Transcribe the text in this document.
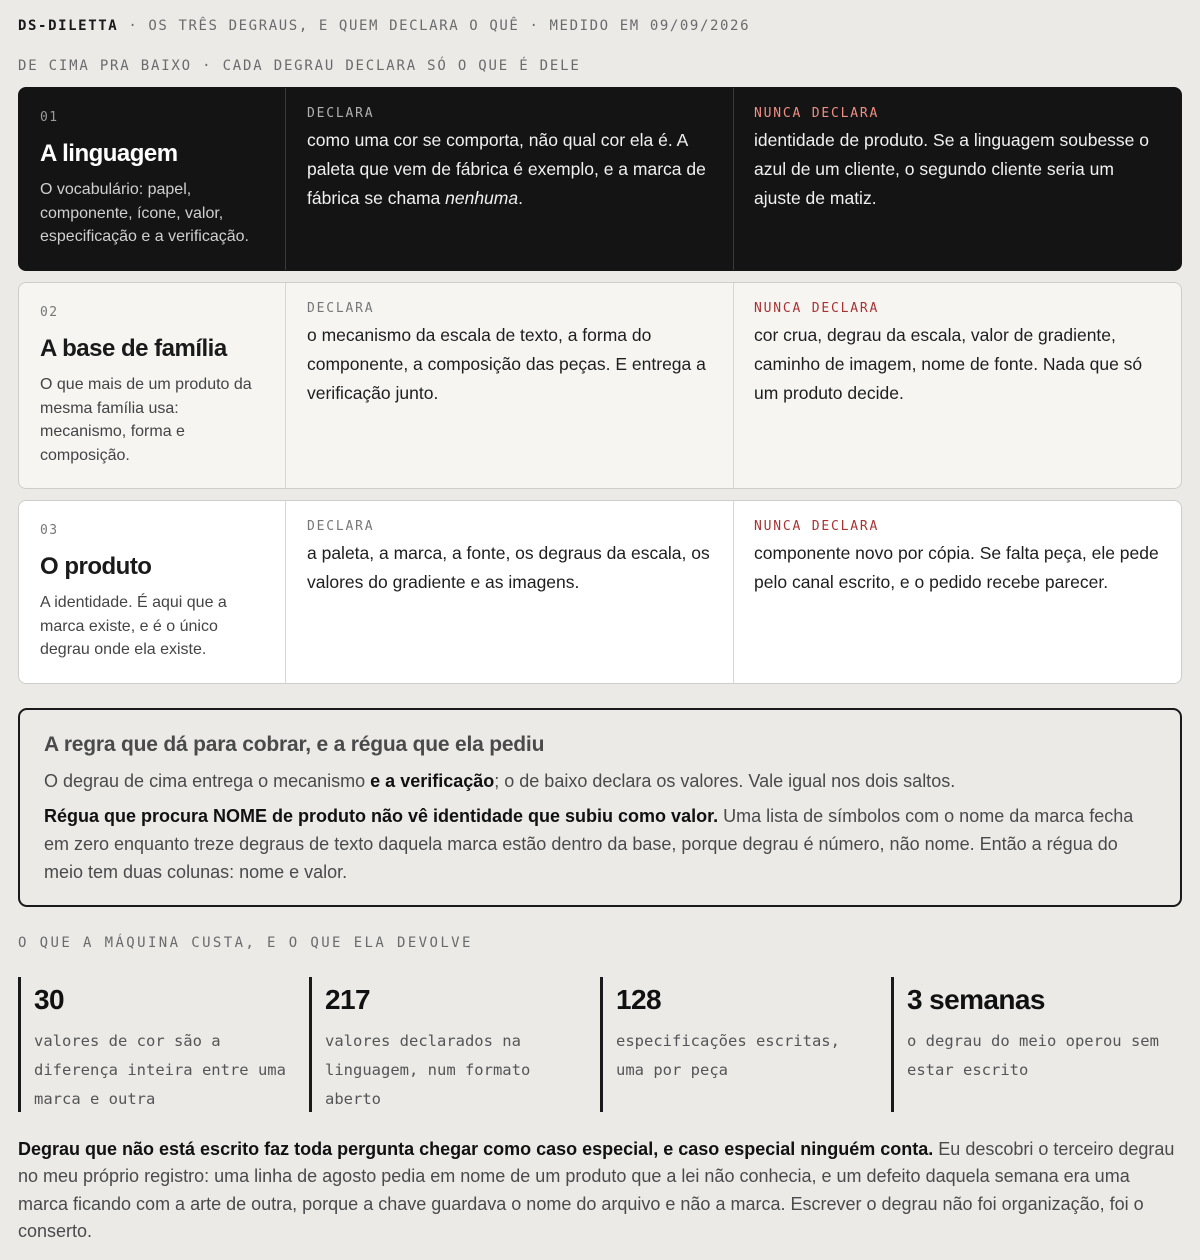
DS-DILETTA · OS TRÊS DEGRAUS, E QUEM DECLARA O QUÊ · MEDIDO EM 09/09/2026
DE CIMA PRA BAIXO · CADA DEGRAU DECLARA SÓ O QUE É DELE
01
A linguagem
O vocabulário: papel, componente, ícone, valor, especificação e a verificação.
DECLARA
como uma cor se comporta, não qual cor ela é. A paleta que vem de fábrica é exemplo, e a marca de fábrica se chama nenhuma.
NUNCA DECLARA
identidade de produto. Se a linguagem soubesse o azul de um cliente, o segundo cliente seria um ajuste de matiz.
02
A base de família
O que mais de um produto da mesma família usa: mecanismo, forma e composição.
DECLARA
o mecanismo da escala de texto, a forma do componente, a composição das peças. E entrega a verificação junto.
NUNCA DECLARA
cor crua, degrau da escala, valor de gradiente, caminho de imagem, nome de fonte. Nada que só um produto decide.
03
O produto
A identidade. É aqui que a marca existe, e é o único degrau onde ela existe.
DECLARA
a paleta, a marca, a fonte, os degraus da escala, os valores do gradiente e as imagens.
NUNCA DECLARA
componente novo por cópia. Se falta peça, ele pede pelo canal escrito, e o pedido recebe parecer.
A regra que dá para cobrar, e a régua que ela pediu
O degrau de cima entrega o mecanismo e a verificação; o de baixo declara os valores. Vale igual nos dois saltos.
Régua que procura NOME de produto não vê identidade que subiu como valor. Uma lista de símbolos com o nome da marca fecha em zero enquanto treze degraus de texto daquela marca estão dentro da base, porque degrau é número, não nome. Então a régua do meio tem duas colunas: nome e valor.
O QUE A MÁQUINA CUSTA, E O QUE ELA DEVOLVE
30
valores de cor são a diferença inteira entre uma marca e outra
217
valores declarados na linguagem, num formato aberto
128
especificações escritas, uma por peça
3 semanas
o degrau do meio operou sem estar escrito
Degrau que não está escrito faz toda pergunta chegar como caso especial, e caso especial ninguém conta. Eu descobri o terceiro degrau no meu próprio registro: uma linha de agosto pedia em nome de um produto que a lei não conhecia, e um defeito daquela semana era uma marca ficando com a arte de outra, porque a chave guardava o nome do arquivo e não a marca. Escrever o degrau não foi organização, foi o conserto.
